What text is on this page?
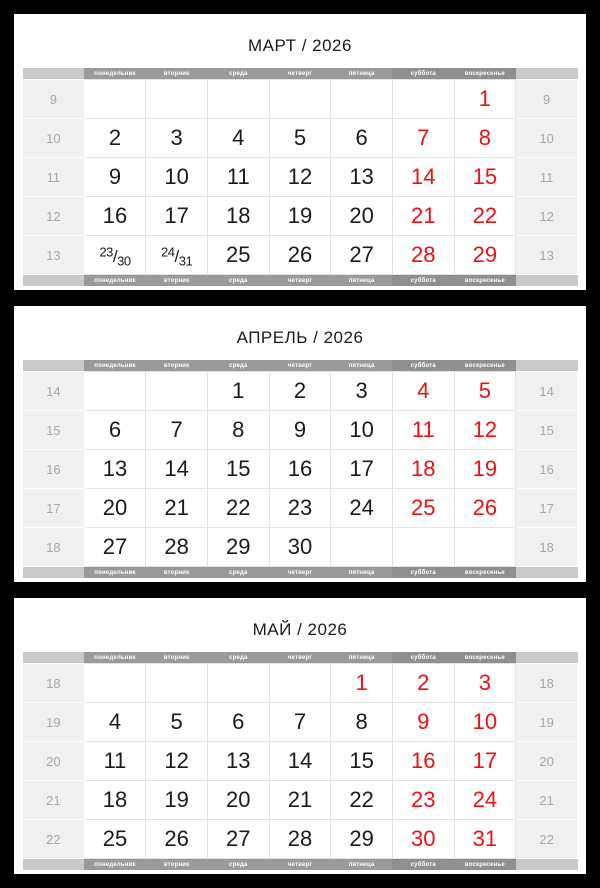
МАРТ / 2026
.	понедельник	вторник	среда	четверг	пятница	суббота	воскресенье	.
9							1	9
10	2	3	4	5	6	7	8	10
11	9	10	11	12	13	14	15	11
12	16	17	18	19	20	21	22	12
13	23/30	24/31	25	26	27	28	29	13
.	понедельник	вторник	среда	четверг	пятница	суббота	воскресенье	.
АПРЕЛЬ / 2026
.	понедельник	вторник	среда	четверг	пятница	суббота	воскресенье	.
14			1	2	3	4	5	14
15	6	7	8	9	10	11	12	15
16	13	14	15	16	17	18	19	16
17	20	21	22	23	24	25	26	17
18	27	28	29	30				18
.	понедельник	вторник	среда	четверг	пятница	суббота	воскресенье	.
МАЙ / 2026
.	понедельник	вторник	среда	четверг	пятница	суббота	воскресенье	.
18					1	2	3	18
19	4	5	6	7	8	9	10	19
20	11	12	13	14	15	16	17	20
21	18	19	20	21	22	23	24	21
22	25	26	27	28	29	30	31	22
.	понедельник	вторник	среда	четверг	пятница	суббота	воскресенье	.
